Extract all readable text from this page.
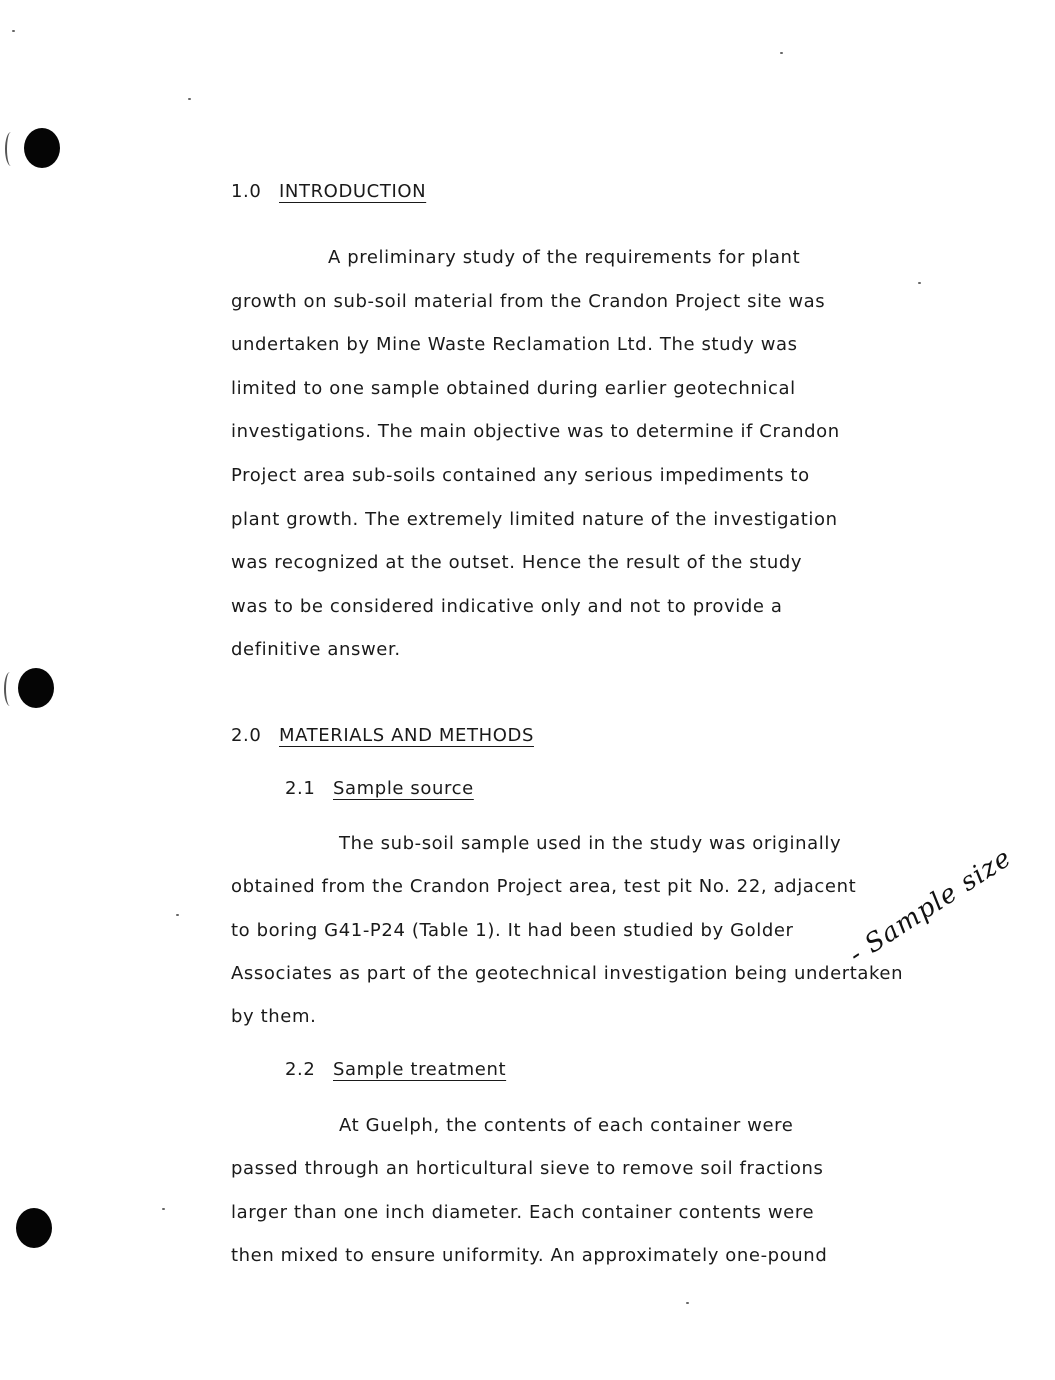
1.0 INTRODUCTION
A preliminary study of the requirements for plant
growth on sub-soil material from the Crandon Project site was
undertaken by Mine Waste Reclamation Ltd. The study was
limited to one sample obtained during earlier geotechnical
investigations. The main objective was to determine if Crandon
Project area sub-soils contained any serious impediments to
plant growth. The extremely limited nature of the investigation
was recognized at the outset. Hence the result of the study
was to be considered indicative only and not to provide a
definitive answer.
2.0 MATERIALS AND METHODS
2.1 Sample source
The sub-soil sample used in the study was originally
obtained from the Crandon Project area, test pit No. 22, adjacent
to boring G41-P24 (Table 1). It had been studied by Golder
Associates as part of the geotechnical investigation being undertaken
by them.
- Sample size
2.2 Sample treatment
At Guelph, the contents of each container were
passed through an horticultural sieve to remove soil fractions
larger than one inch diameter. Each container contents were
then mixed to ensure uniformity. An approximately one-pound
